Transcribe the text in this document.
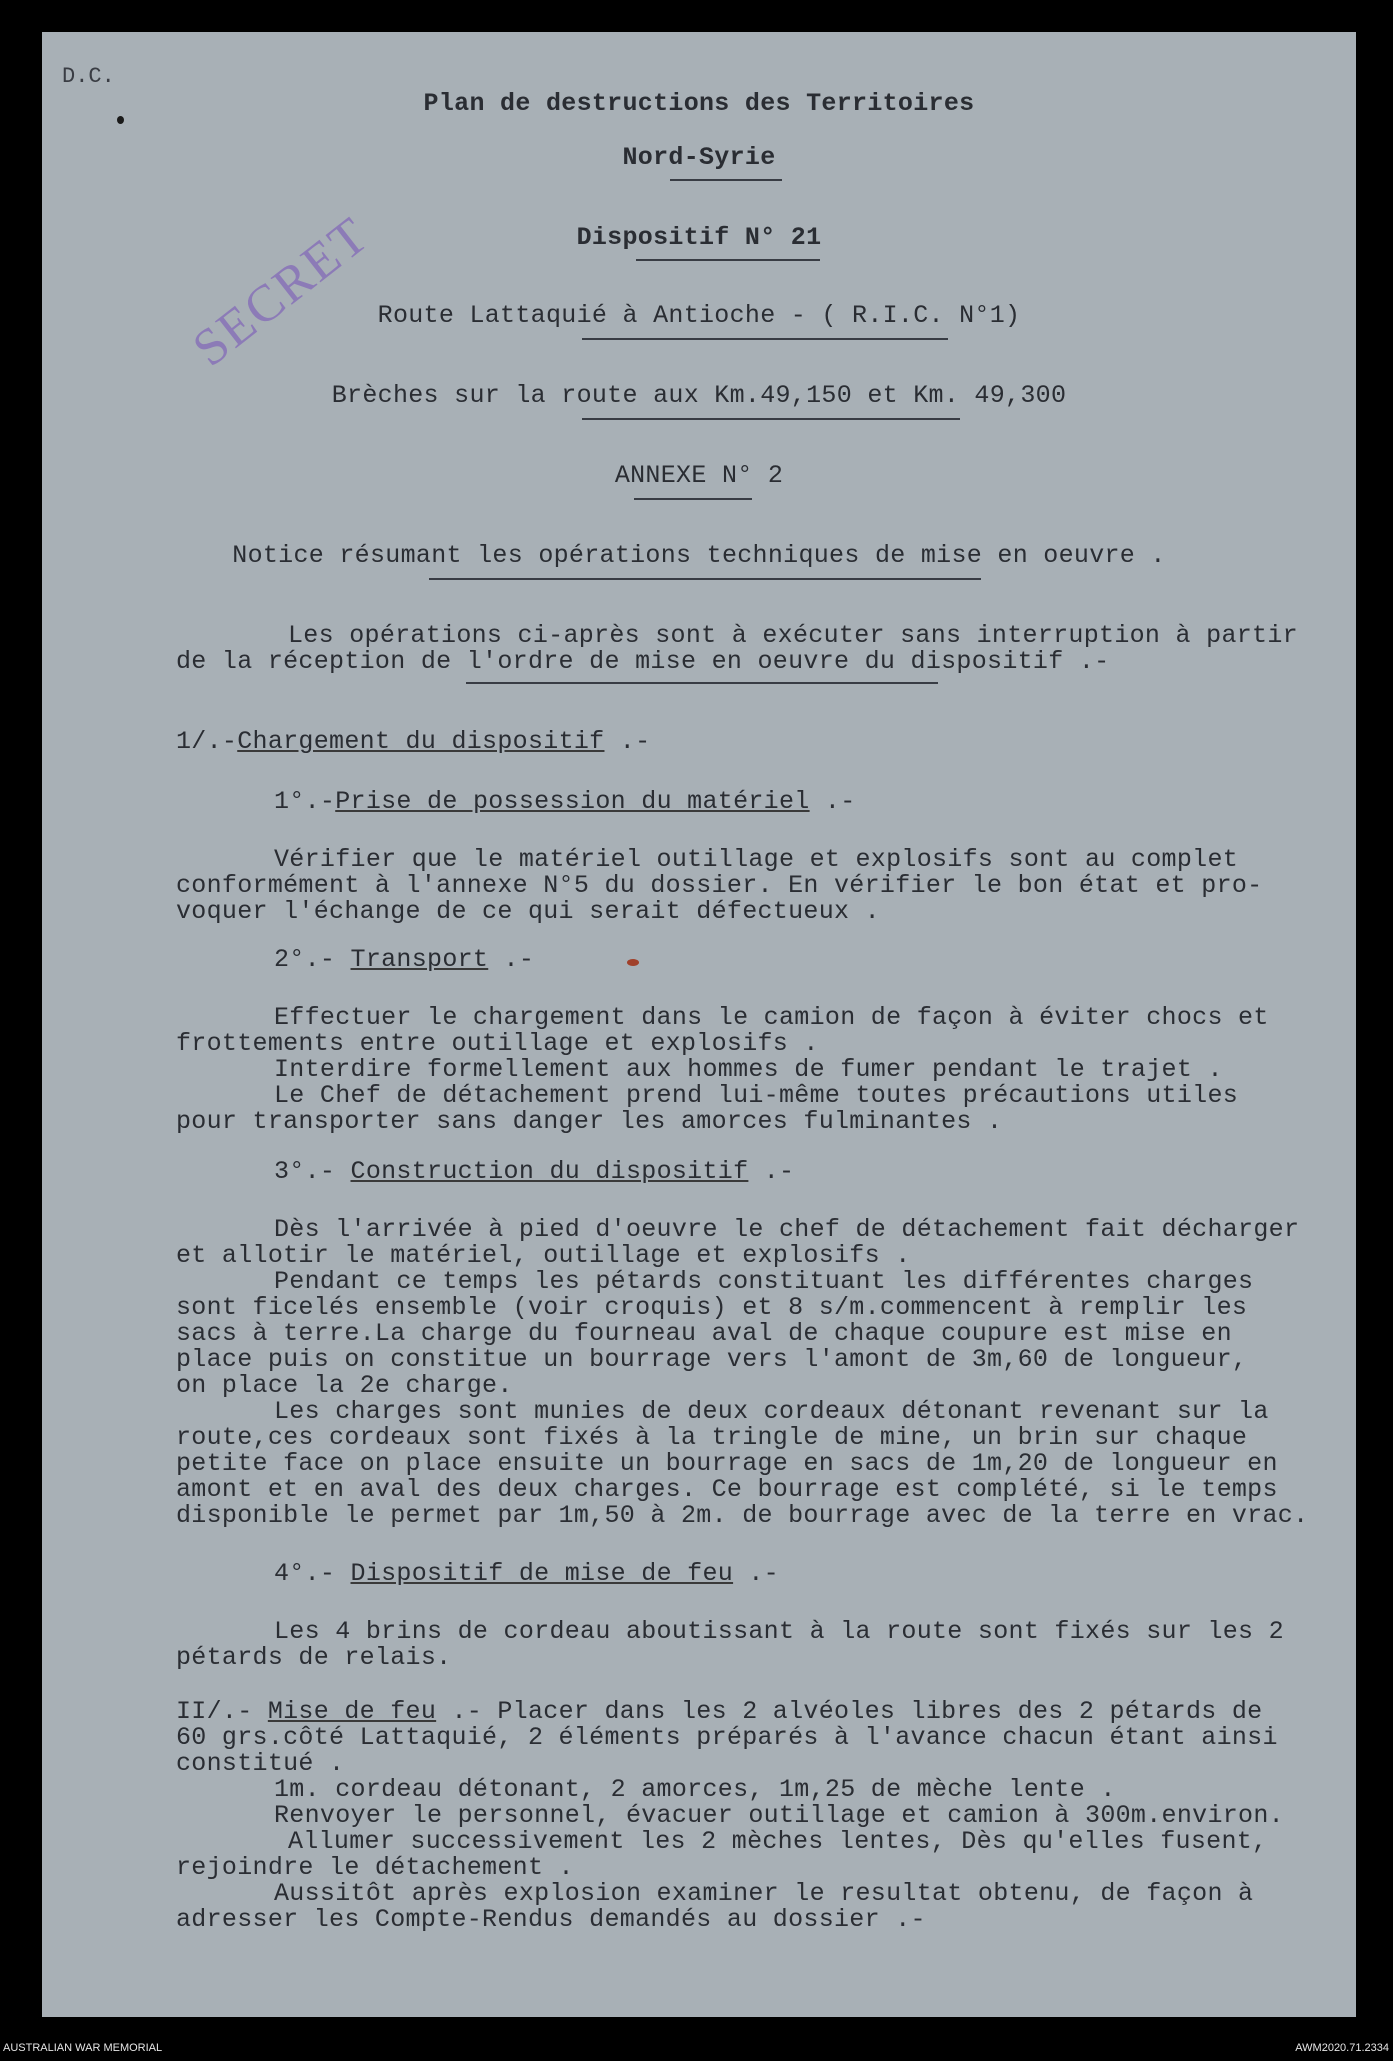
D.C.
SECRET
Plan de destructions des Territoires
Nord-Syrie
Dispositif N° 21
Route Lattaquié à Antioche - ( R.I.C. N°1)
Brèches sur la route aux Km.49,150 et Km. 49,300
ANNEXE N° 2
Notice résumant les opérations techniques de mise en oeuvre .
Les opérations ci-après sont à exécuter sans interruption à partir
de la réception de l'ordre de mise en oeuvre du dispositif .-
1/.-Chargement du dispositif .-
1°.-Prise de possession du matériel .-
Vérifier que le matériel outillage et explosifs sont au complet
conformément à l'annexe N°5 du dossier. En vérifier le bon état et pro-
voquer l'échange de ce qui serait défectueux .
2°.- Transport .-
Effectuer le chargement dans le camion de façon à éviter chocs et
frottements entre outillage et explosifs .
Interdire formellement aux hommes de fumer pendant le trajet .
Le Chef de détachement prend lui-même toutes précautions utiles
pour transporter sans danger les amorces fulminantes .
3°.- Construction du dispositif .-
Dès l'arrivée à pied d'oeuvre le chef de détachement fait décharger
et allotir le matériel, outillage et explosifs .
Pendant ce temps les pétards constituant les différentes charges
sont ficelés ensemble (voir croquis) et 8 s/m.commencent à remplir les
sacs à terre.La charge du fourneau aval de chaque coupure est mise en
place puis on constitue un bourrage vers l'amont de 3m,60 de longueur,
on place la 2e charge.
Les charges sont munies de deux cordeaux détonant revenant sur la
route,ces cordeaux sont fixés à la tringle de mine, un brin sur chaque
petite face on place ensuite un bourrage en sacs de 1m,20 de longueur en
amont et en aval des deux charges. Ce bourrage est complété, si le temps
disponible le permet par 1m,50 à 2m. de bourrage avec de la terre en vrac.
4°.- Dispositif de mise de feu .-
Les 4 brins de cordeau aboutissant à la route sont fixés sur les 2
pétards de relais.
II/.- Mise de feu .- Placer dans les 2 alvéoles libres des 2 pétards de
60 grs.côté Lattaquié, 2 éléments préparés à l'avance chacun étant ainsi
constitué .
1m. cordeau détonant, 2 amorces, 1m,25 de mèche lente .
Renvoyer le personnel, évacuer outillage et camion à 300m.environ.
Allumer successivement les 2 mèches lentes, Dès qu'elles fusent,
rejoindre le détachement .
Aussitôt après explosion examiner le resultat obtenu, de façon à
adresser les Compte-Rendus demandés au dossier .-
AUSTRALIAN WAR MEMORIAL	AWM2020.71.2334
